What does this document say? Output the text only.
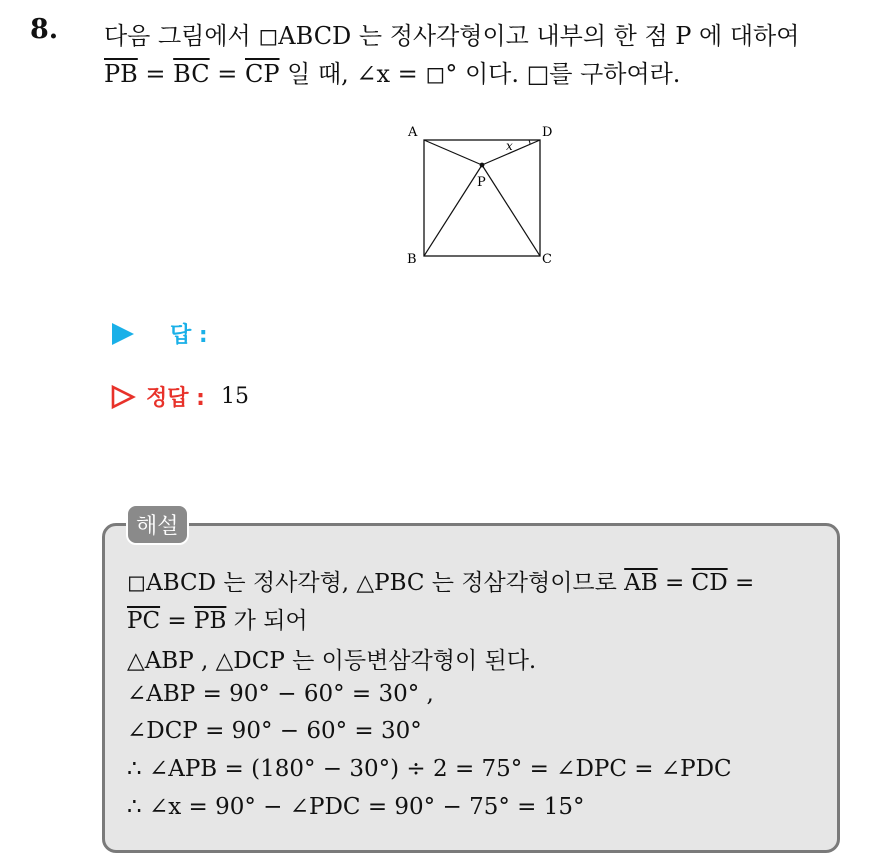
8. 다음 그림에서 ◻ABCD 는 정사각형이고 내부의 한 점 P 에 대하여
$\overline{PB} = \overline{BC} = \overline{CP}$ 일 때, ∠x = ◻° 이다. □를 구하여라.
A	D
B	C
P
x
답 :
정답 : 15
해설
◻ABCD 는 정사각형, △PBC 는 정삼각형이므로 $\overline{AB} = \overline{CD}$ =
$\overline{PC} = \overline{PB}$ 가 되어
△ABP , △DCP 는 이등변삼각형이 된다.
∠ABP = 90° − 60° = 30° ,
∠DCP = 90° − 60° = 30°
∴ ∠APB = (180° − 30°) ÷ 2 = 75° = ∠DPC = ∠PDC
∴ ∠x = 90° − ∠PDC = 90° − 75° = 15°
